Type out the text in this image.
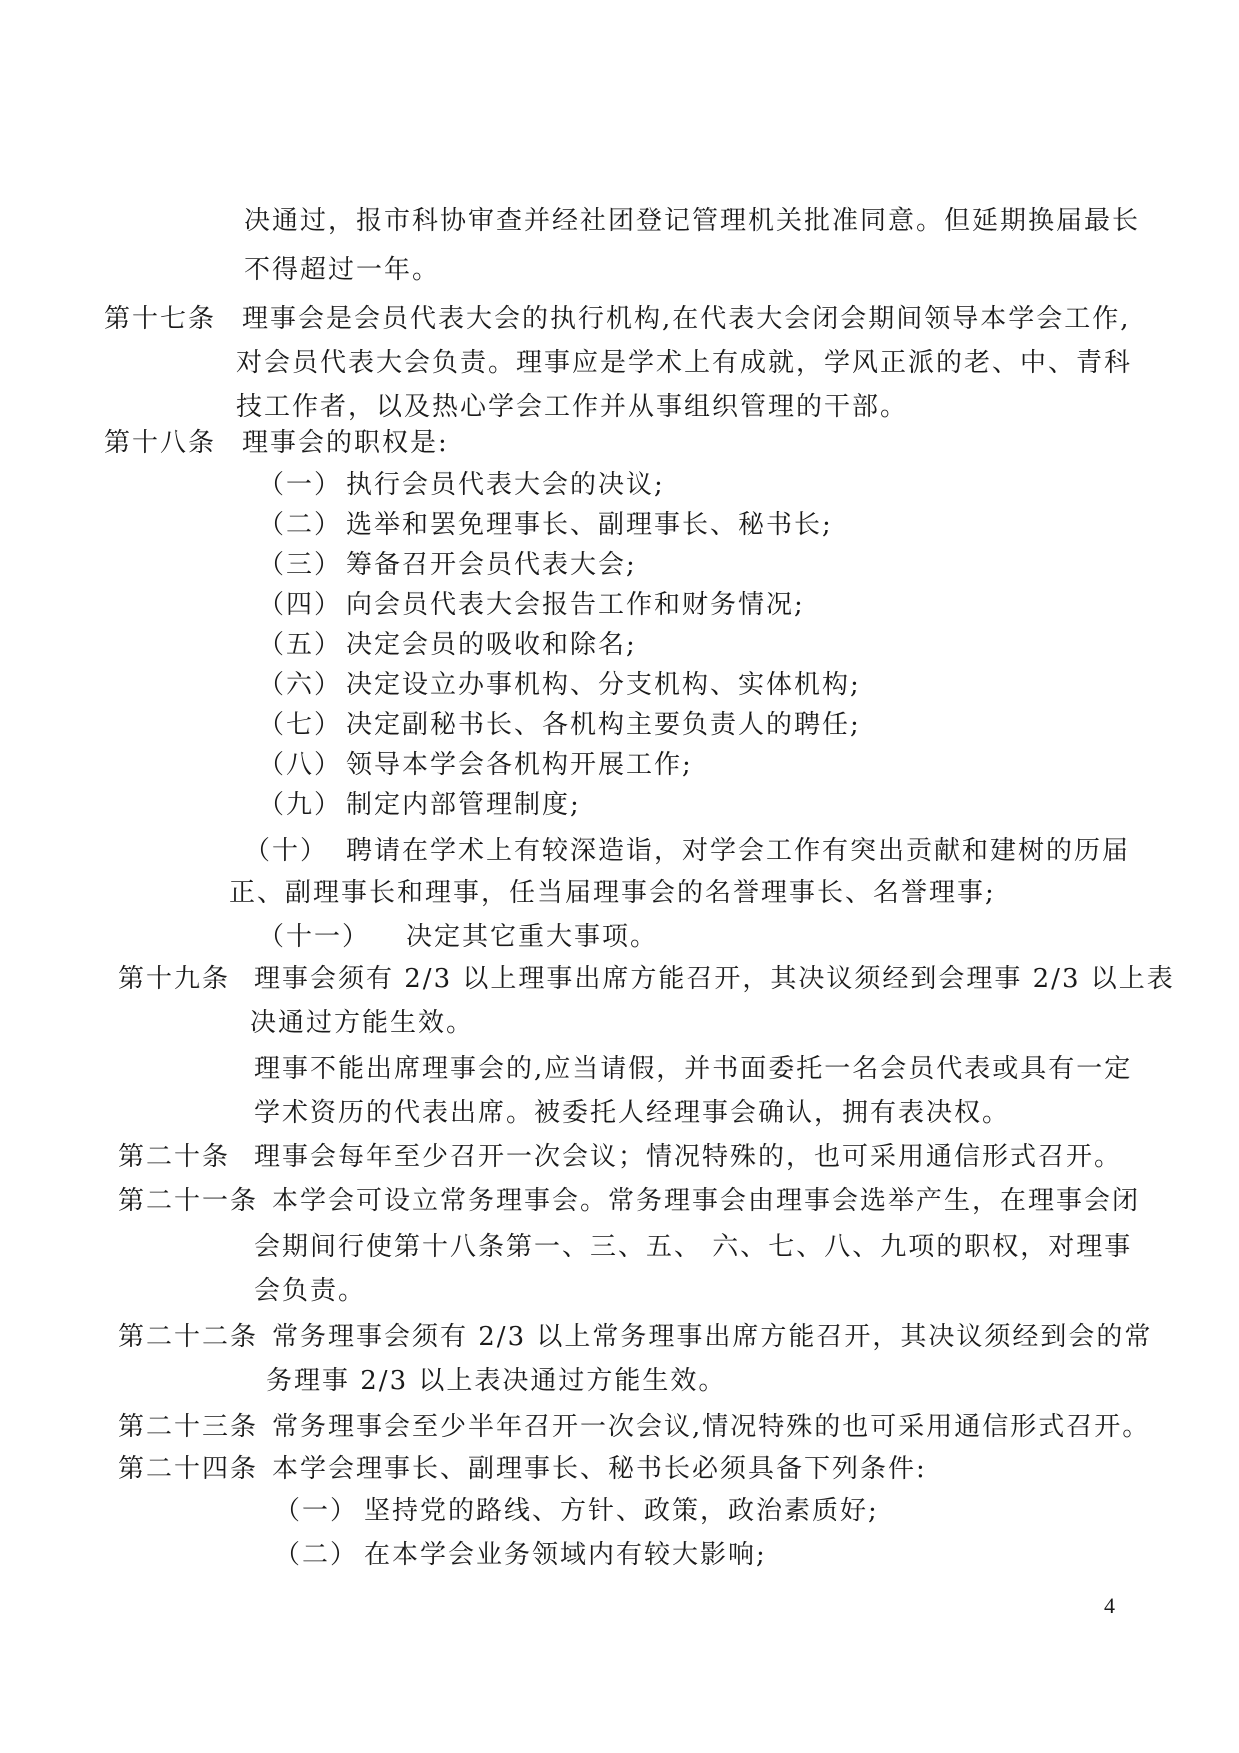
决通过，报市科协审查并经社团登记管理机关批准同意。但延期换届最长
不得超过一年。
第十七条 理事会是会员代表大会的执行机构,在代表大会闭会期间领导本学会工作,
对会员代表大会负责。理事应是学术上有成就，学风正派的老、中、青科
技工作者，以及热心学会工作并从事组织管理的干部。
第十八条 理事会的职权是:
（一） 执行会员代表大会的决议;
（二） 选举和罢免理事长、副理事长、秘书长;
（三） 筹备召开会员代表大会;
（四） 向会员代表大会报告工作和财务情况;
（五） 决定会员的吸收和除名;
（六） 决定设立办事机构、分支机构、实体机构;
（七） 决定副秘书长、各机构主要负责人的聘任;
（八） 领导本学会各机构开展工作;
（九） 制定内部管理制度;
（十） 聘请在学术上有较深造诣，对学会工作有突出贡献和建树的历届
正、副理事长和理事，任当届理事会的名誉理事长、名誉理事;
（十一） 决定其它重大事项。
第十九条 理事会须有 2/3 以上理事出席方能召开，其决议须经到会理事 2/3 以上表
决通过方能生效。
理事不能出席理事会的,应当请假，并书面委托一名会员代表或具有一定
学术资历的代表出席。被委托人经理事会确认，拥有表决权。
第二十条 理事会每年至少召开一次会议；情况特殊的，也可采用通信形式召开。
第二十一条 本学会可设立常务理事会。常务理事会由理事会选举产生，在理事会闭
会期间行使第十八条第一、三、五、 六、七、八、九项的职权，对理事
会负责。
第二十二条 常务理事会须有 2/3 以上常务理事出席方能召开，其决议须经到会的常
务理事 2/3 以上表决通过方能生效。
第二十三条 常务理事会至少半年召开一次会议,情况特殊的也可采用通信形式召开。
第二十四条 本学会理事长、副理事长、秘书长必须具备下列条件:
（一） 坚持党的路线、方针、政策，政治素质好;
（二） 在本学会业务领域内有较大影响;
4
